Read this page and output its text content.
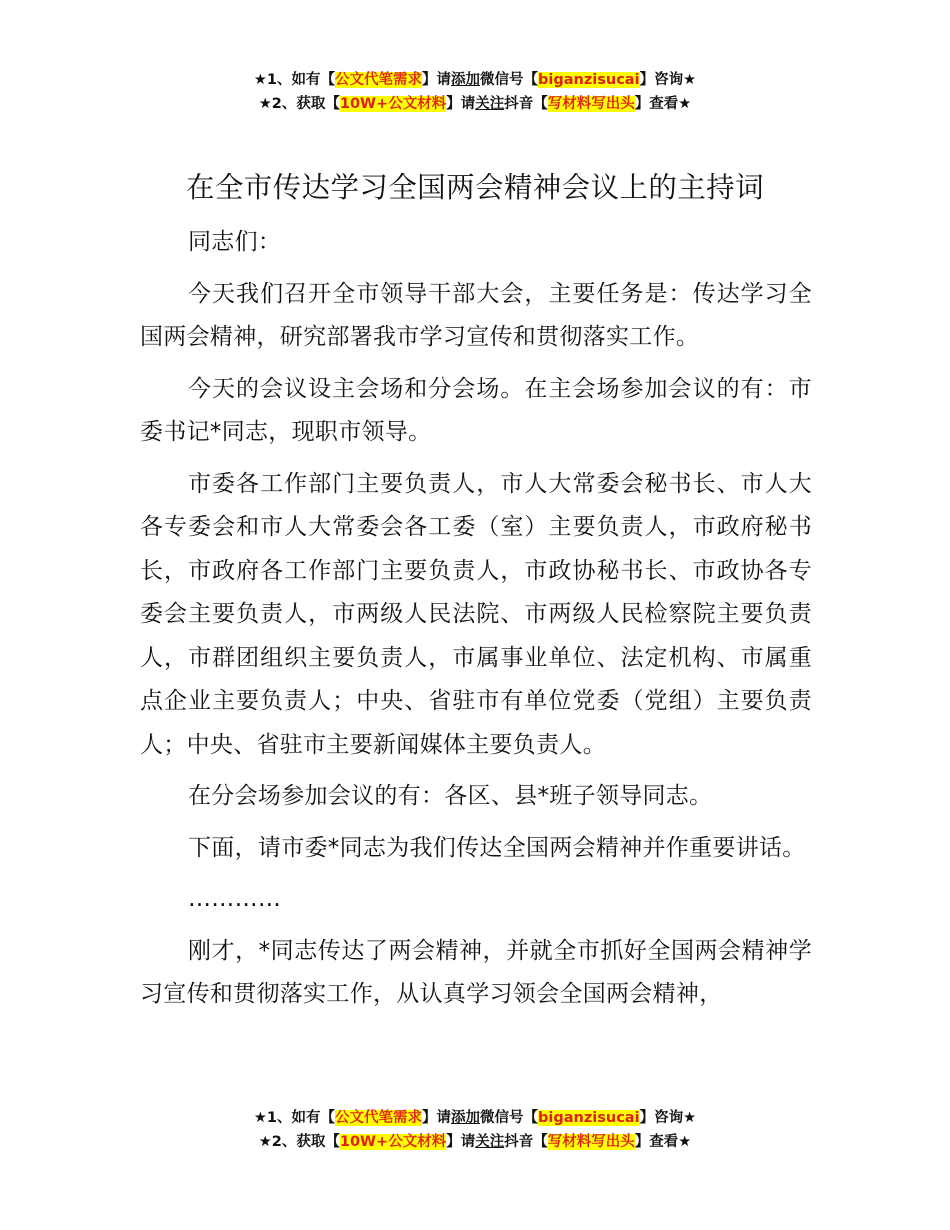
★1、如有【公文代笔需求】请添加微信号【biganzisucai】咨询★
★2、获取【10W+公文材料】请关注抖音【写材料写出头】查看★
在全市传达学习全国两会精神会议上的主持词

同志们：

今天我们召开全市领导干部大会，主要任务是：传达学习全国两会精神，研究部署我市学习宣传和贯彻落实工作。

今天的会议设主会场和分会场。在主会场参加会议的有：市委书记*同志，现职市领导。

市委各工作部门主要负责人，市人大常委会秘书长、市人大各专委会和市人大常委会各工委（室）主要负责人，市政府秘书长，市政府各工作部门主要负责人，市政协秘书长、市政协各专委会主要负责人，市两级人民法院、市两级人民检察院主要负责人，市群团组织主要负责人，市属事业单位、法定机构、市属重点企业主要负责人；中央、省驻市有单位党委（党组）主要负责人；中央、省驻市主要新闻媒体主要负责人。

在分会场参加会议的有：各区、县*班子领导同志。

下面，请市委*同志为我们传达全国两会精神并作重要讲话。

…………

刚才，*同志传达了两会精神，并就全市抓好全国两会精神学习宣传和贯彻落实工作，从认真学习领会全国两会精神，

★1、如有【公文代笔需求】请添加微信号【biganzisucai】咨询★
★2、获取【10W+公文材料】请关注抖音【写材料写出头】查看★
